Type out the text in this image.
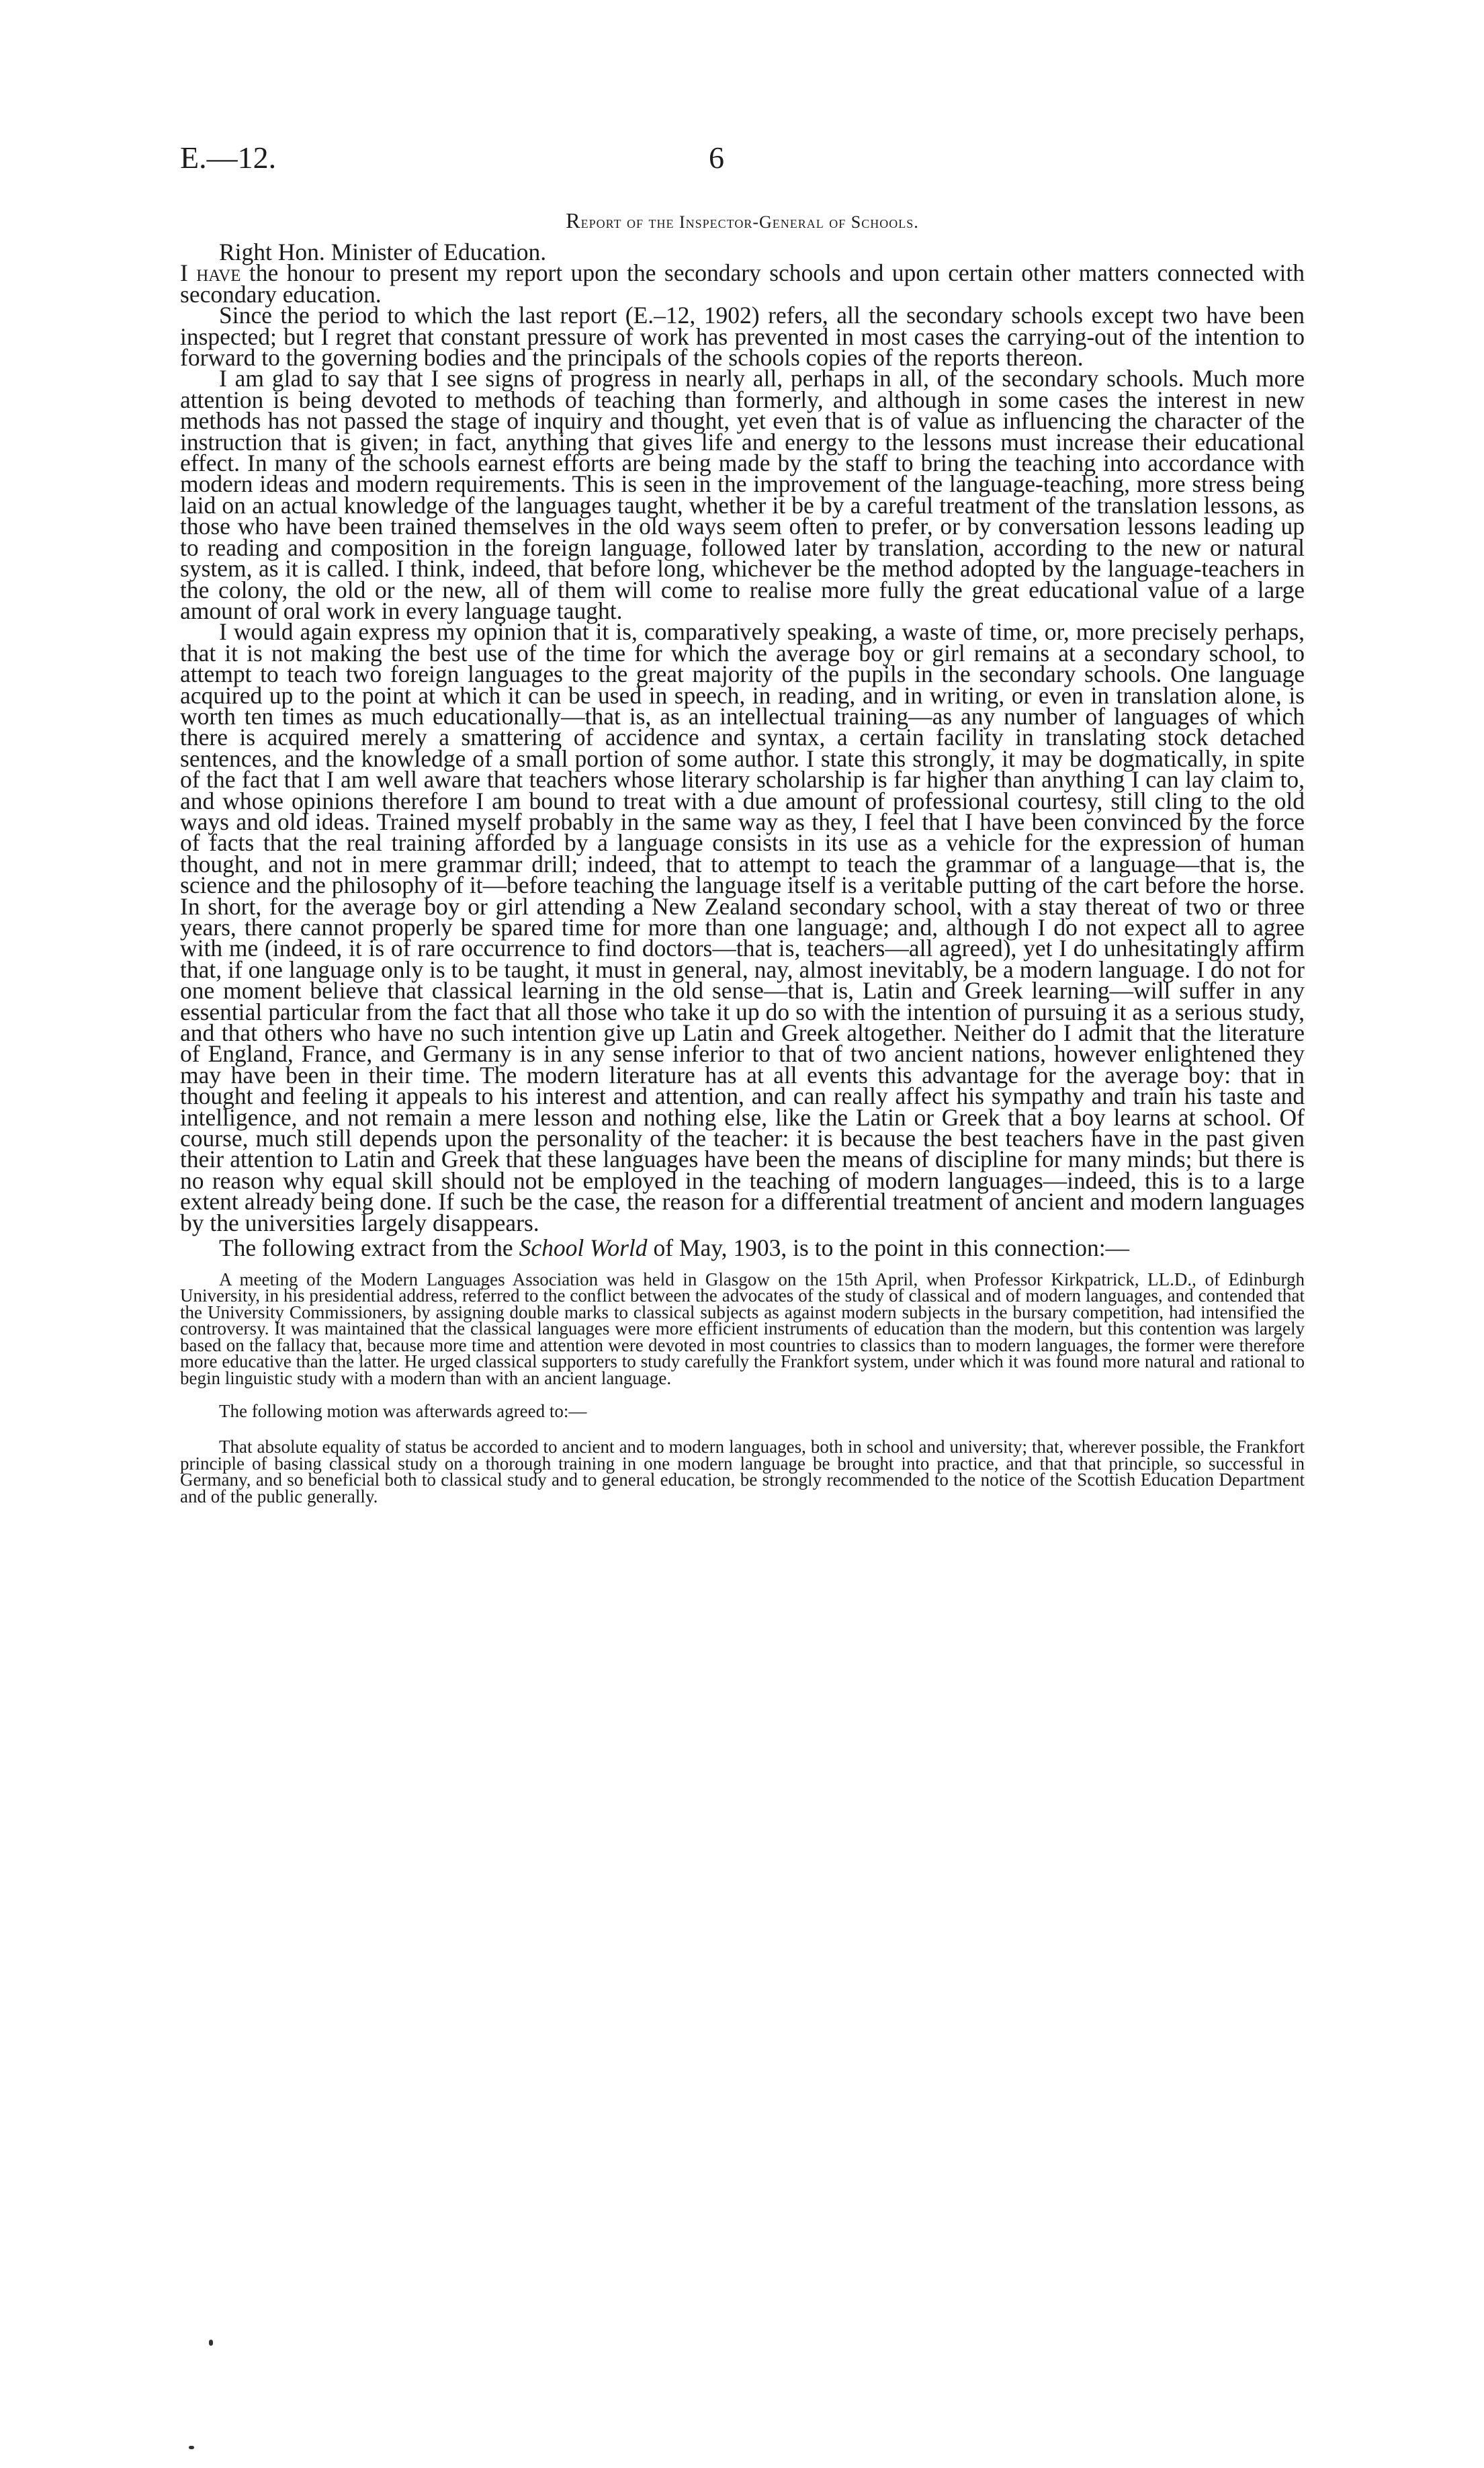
E.—12.	6
Report of the Inspector-General of Schools.

Right Hon. Minister of Education.

I have the honour to present my report upon the secondary schools and upon certain other matters connected with secondary education.

Since the period to which the last report (E.–12, 1902) refers, all the secondary schools except two have been inspected; but I regret that constant pressure of work has prevented in most cases the carrying-out of the intention to forward to the governing bodies and the principals of the schools copies of the reports thereon.

I am glad to say that I see signs of progress in nearly all, perhaps in all, of the secondary schools. Much more attention is being devoted to methods of teaching than formerly, and although in some cases the interest in new methods has not passed the stage of inquiry and thought, yet even that is of value as influencing the character of the instruction that is given; in fact, anything that gives life and energy to the lessons must increase their educational effect. In many of the schools earnest efforts are being made by the staff to bring the teaching into accordance with modern ideas and modern requirements. This is seen in the improvement of the language-teaching, more stress being laid on an actual knowledge of the languages taught, whether it be by a careful treatment of the translation lessons, as those who have been trained themselves in the old ways seem often to prefer, or by conversation lessons leading up to reading and composition in the foreign language, followed later by translation, according to the new or natural system, as it is called. I think, indeed, that before long, whichever be the method adopted by the language-teachers in the colony, the old or the new, all of them will come to realise more fully the great educational value of a large amount of oral work in every language taught.

I would again express my opinion that it is, comparatively speaking, a waste of time, or, more precisely perhaps, that it is not making the best use of the time for which the average boy or girl remains at a secondary school, to attempt to teach two foreign languages to the great majority of the pupils in the secondary schools. One language acquired up to the point at which it can be used in speech, in reading, and in writing, or even in translation alone, is worth ten times as much educationally—that is, as an intellectual training—as any number of languages of which there is acquired merely a smattering of accidence and syntax, a certain facility in translating stock detached sentences, and the knowledge of a small portion of some author. I state this strongly, it may be dogmatically, in spite of the fact that I am well aware that teachers whose literary scholarship is far higher than anything I can lay claim to, and whose opinions therefore I am bound to treat with a due amount of professional courtesy, still cling to the old ways and old ideas. Trained myself probably in the same way as they, I feel that I have been convinced by the force of facts that the real training afforded by a language consists in its use as a vehicle for the expression of human thought, and not in mere grammar drill; indeed, that to attempt to teach the grammar of a language—that is, the science and the philosophy of it—before teaching the language itself is a veritable putting of the cart before the horse. In short, for the average boy or girl attending a New Zealand secondary school, with a stay thereat of two or three years, there cannot properly be spared time for more than one language; and, although I do not expect all to agree with me (indeed, it is of rare occurrence to find doctors—that is, teachers—all agreed), yet I do unhesitatingly affirm that, if one language only is to be taught, it must in general, nay, almost inevitably, be a modern language. I do not for one moment believe that classical learning in the old sense—that is, Latin and Greek learning—will suffer in any essential particular from the fact that all those who take it up do so with the intention of pursuing it as a serious study, and that others who have no such intention give up Latin and Greek altogether. Neither do I admit that the literature of England, France, and Germany is in any sense inferior to that of two ancient nations, however enlightened they may have been in their time. The modern literature has at all events this advantage for the average boy: that in thought and feeling it appeals to his interest and attention, and can really affect his sympathy and train his taste and intelligence, and not remain a mere lesson and nothing else, like the Latin or Greek that a boy learns at school. Of course, much still depends upon the personality of the teacher: it is because the best teachers have in the past given their attention to Latin and Greek that these languages have been the means of discipline for many minds; but there is no reason why equal skill should not be employed in the teaching of modern languages—indeed, this is to a large extent already being done. If such be the case, the reason for a differential treatment of ancient and modern languages by the universities largely disappears.

The following extract from the School World of May, 1903, is to the point in this connection:—

A meeting of the Modern Languages Association was held in Glasgow on the 15th April, when Professor Kirkpatrick, LL.D., of Edinburgh University, in his presidential address, referred to the conflict between the advocates of the study of classical and of modern languages, and contended that the University Commissioners, by assigning double marks to classical subjects as against modern subjects in the bursary competition, had intensified the controversy. It was maintained that the classical languages were more efficient instruments of education than the modern, but this contention was largely based on the fallacy that, because more time and attention were devoted in most countries to classics than to modern languages, the former were therefore more educative than the latter. He urged classical supporters to study carefully the Frankfort system, under which it was found more natural and rational to begin linguistic study with a modern than with an ancient language.

The following motion was afterwards agreed to:—

That absolute equality of status be accorded to ancient and to modern languages, both in school and university; that, wherever possible, the Frankfort principle of basing classical study on a thorough training in one modern language be brought into practice, and that that principle, so successful in Germany, and so beneficial both to classical study and to general education, be strongly recommended to the notice of the Scottish Education Department and of the public generally.
